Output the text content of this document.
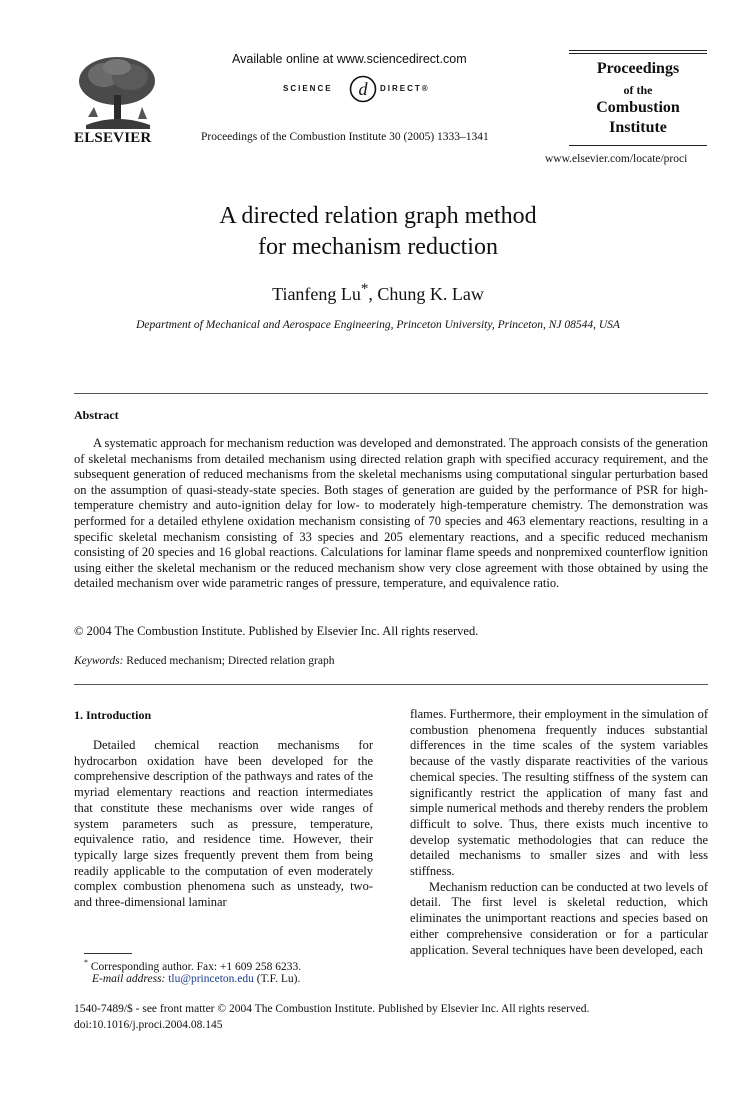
ELSEVIER
Available online at www.sciencedirect.com
SCIENCE d DIRECT®
Proceedings of the Combustion Institute 30 (2005) 1333–1341
Proceedings
of the
Combustion
Institute
www.elsevier.com/locate/proci
A directed relation graph method
for mechanism reduction
Tianfeng Lu*, Chung K. Law
Department of Mechanical and Aerospace Engineering, Princeton University, Princeton, NJ 08544, USA
Abstract

A systematic approach for mechanism reduction was developed and demonstrated. The approach consists of the generation of skeletal mechanisms from detailed mechanism using directed relation graph with specified accuracy requirement, and the subsequent generation of reduced mechanisms from the skeletal mechanisms using computational singular perturbation based on the assumption of quasi-steady-state species. Both stages of generation are guided by the performance of PSR for high-temperature chemistry and auto-ignition delay for low- to moderately high-temperature chemistry. The demonstration was performed for a detailed ethylene oxidation mechanism consisting of 70 species and 463 elementary reactions, resulting in a specific skeletal mechanism consisting of 33 species and 205 elementary reactions, and a specific reduced mechanism consisting of 20 species and 16 global reactions. Calculations for laminar flame speeds and nonpremixed counterflow ignition using either the skeletal mechanism or the reduced mechanism show very close agreement with those obtained by using the detailed mechanism over wide parametric ranges of pressure, temperature, and equivalence ratio.

© 2004 The Combustion Institute. Published by Elsevier Inc. All rights reserved.
Keywords: Reduced mechanism; Directed relation graph
1. Introduction

Detailed chemical reaction mechanisms for hydrocarbon oxidation have been developed for the comprehensive description of the pathways and rates of the myriad elementary reactions and reaction intermediates that constitute these mechanisms over wide ranges of system parameters such as pressure, temperature, equivalence ratio, and residence time. However, their typically large sizes frequently prevent them from being readily applicable to the computation of even moderately complex combustion phenomena such as unsteady, two- and three-dimensional laminar

flames. Furthermore, their employment in the simulation of combustion phenomena frequently induces substantial differences in the time scales of the system variables because of the vastly disparate reactivities of the various chemical species. The resulting stiffness of the system can significantly restrict the application of many fast and simple numerical methods and thereby renders the problem difficult to solve. Thus, there exists much incentive to develop systematic methodologies that can reduce the detailed mechanisms to smaller sizes and with less stiffness.

Mechanism reduction can be conducted at two levels of detail. The first level is skeletal reduction, which eliminates the unimportant reactions and species based on either comprehensive consideration or for a particular application. Several techniques have been developed, each

* Corresponding author. Fax: +1 609 258 6233.
E-mail address: tlu@princeton.edu (T.F. Lu).
1540-7489/$ - see front matter © 2004 The Combustion Institute. Published by Elsevier Inc. All rights reserved.
doi:10.1016/j.proci.2004.08.145
